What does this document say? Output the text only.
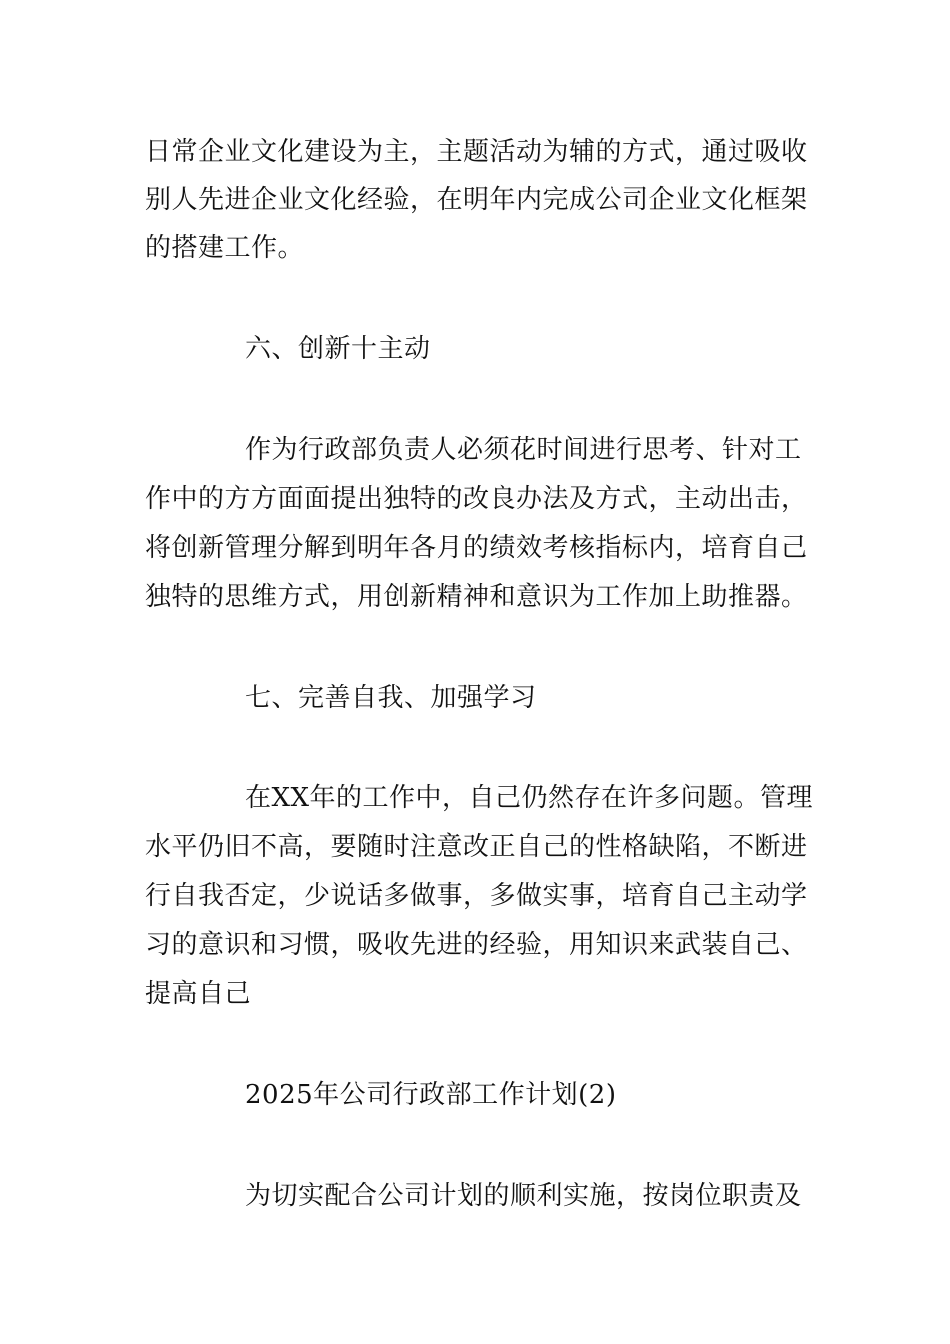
日常企业文化建设为主，主题活动为辅的方式，通过吸收
别人先进企业文化经验，在明年内完成公司企业文化框架
的搭建工作。
六、创新十主动
作为行政部负责人必须花时间进行思考、针对工
作中的方方面面提出独特的改良办法及方式，主动出击，
将创新管理分解到明年各月的绩效考核指标内，培育自己
独特的思维方式，用创新精神和意识为工作加上助推器。
七、完善自我、加强学习
在XX年的工作中，自己仍然存在许多问题。管理
水平仍旧不高，要随时注意改正自己的性格缺陷，不断进
行自我否定，少说话多做事，多做实事，培育自己主动学
习的意识和习惯，吸收先进的经验，用知识来武装自己、
提高自己
2025年公司行政部工作计划(2)
为切实配合公司计划的顺利实施，按岗位职责及
